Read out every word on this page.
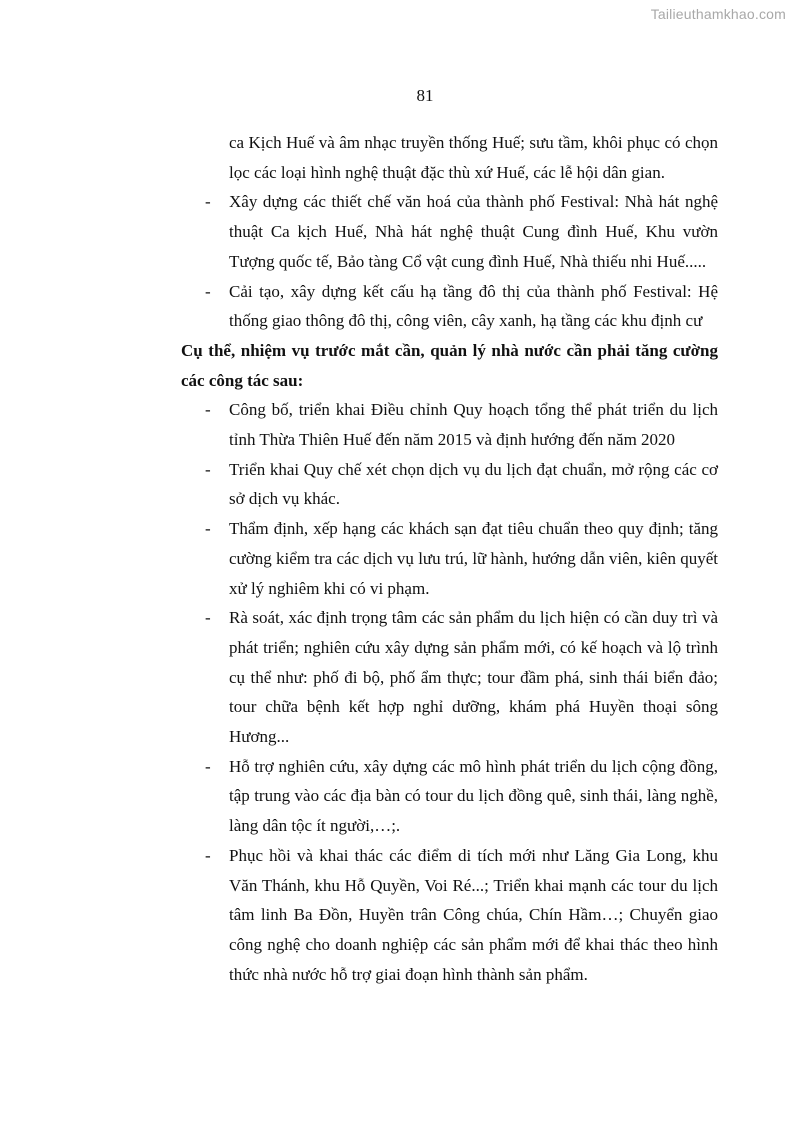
Tailieuthamkhao.com
81
ca Kịch Huế và âm nhạc truyền thống Huế; sưu tầm, khôi phục có chọn lọc các loại hình nghệ thuật đặc thù xứ Huế, các lễ hội dân gian.
- Xây dựng các thiết chế văn hoá của thành phố Festival: Nhà hát nghệ thuật Ca kịch Huế, Nhà hát nghệ thuật Cung đình Huế, Khu vườn Tượng quốc tế, Bảo tàng Cổ vật cung đình Huế, Nhà thiếu nhi Huế.....
- Cải tạo, xây dựng kết cấu hạ tầng đô thị của thành phố Festival: Hệ thống giao thông đô thị, công viên, cây xanh, hạ tầng các khu định cư
Cụ thể, nhiệm vụ trước mắt cần, quản lý nhà nước cần phải tăng cường các công tác sau:
- Công bố, triển khai Điều chỉnh Quy hoạch tổng thể phát triển du lịch tỉnh Thừa Thiên Huế đến năm 2015 và định hướng đến năm 2020
- Triển khai Quy chế xét chọn dịch vụ du lịch đạt chuẩn, mở rộng các cơ sở dịch vụ khác.
- Thẩm định, xếp hạng các khách sạn đạt tiêu chuẩn theo quy định; tăng cường kiểm tra các dịch vụ lưu trú, lữ hành, hướng dẫn viên, kiên quyết xử lý nghiêm khi có vi phạm.
- Rà soát, xác định trọng tâm các sản phẩm du lịch hiện có cần duy trì và phát triển; nghiên cứu xây dựng sản phẩm mới, có kế hoạch và lộ trình cụ thể như: phố đi bộ, phố ẩm thực; tour đầm phá, sinh thái biển đảo; tour chữa bệnh kết hợp nghỉ dưỡng, khám phá Huyền thoại sông Hương...
- Hỗ trợ nghiên cứu, xây dựng các mô hình phát triển du lịch cộng đồng, tập trung vào các địa bàn có tour du lịch đồng quê, sinh thái, làng nghề, làng dân tộc ít người,…;.
- Phục hồi và khai thác các điểm di tích mới như Lăng Gia Long, khu Văn Thánh, khu Hỗ Quyền, Voi Ré...; Triển khai mạnh các tour du lịch tâm linh Ba Đồn, Huyền trân Công chúa, Chín Hầm…; Chuyển giao công nghệ cho doanh nghiệp các sản phẩm mới để khai thác theo hình thức nhà nước hỗ trợ giai đoạn hình thành sản phẩm.
